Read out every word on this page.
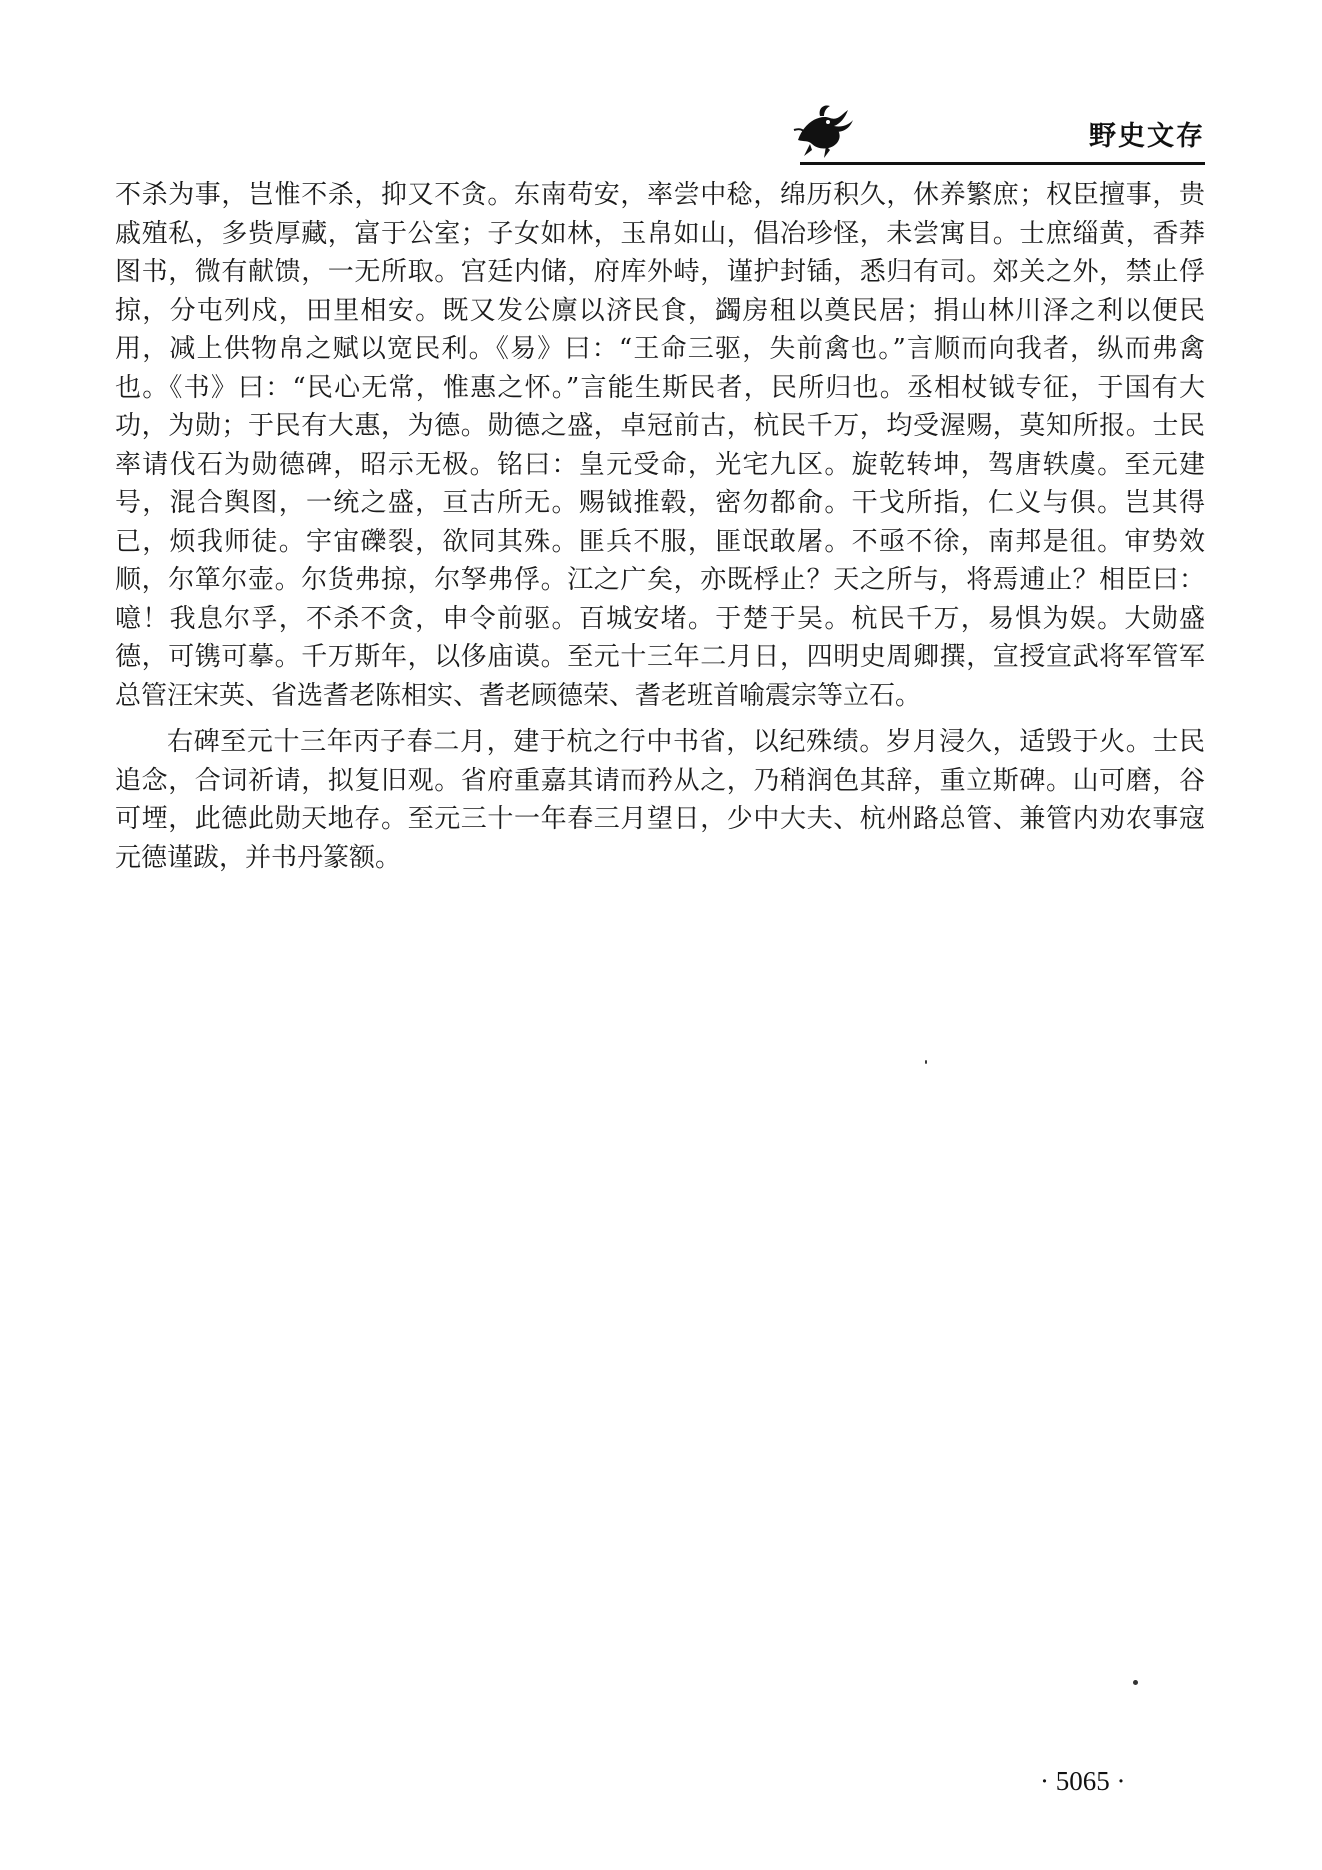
野史文存

不杀为事，岂惟不杀，抑又不贪。东南苟安，率尝中稔，绵历积久，休养繁庶；权臣擅事，贵戚殖私，多赀厚藏，富于公室；子女如林，玉帛如山，倡冶珍怪，未尝寓目。士庶缁黄，香莽图书，微有献馈，一无所取。宫廷内储，府库外峙，谨护封锸，悉归有司。郊关之外，禁止俘掠，分屯列戍，田里相安。既又发公廪以济民食，蠲房租以奠民居；捐山林川泽之利以便民用，减上供物帛之赋以宽民利。《易》曰：“王命三驱，失前禽也。”言顺而向我者，纵而弗禽也。《书》曰：“民心无常，惟惠之怀。”言能生斯民者，民所归也。丞相杖钺专征，于国有大功，为勋；于民有大惠，为德。勋德之盛，卓冠前古，杭民千万，均受渥赐，莫知所报。士民率请伐石为勋德碑，昭示无极。铭曰：皇元受命，光宅九区。旋乾转坤，驾唐轶虞。至元建号，混合舆图，一统之盛，亘古所无。赐钺推毂，密勿都俞。干戈所指，仁义与俱。岂其得已，烦我师徒。宇宙礫裂，欲同其殊。匪兵不服，匪氓敢屠。不亟不徐，南邦是徂。审势效顺，尔箪尔壶。尔货弗掠，尔孥弗俘。江之广矣，亦既桴止？天之所与，将焉逋止？相臣曰：噫！我息尔孚，不杀不贪，申令前驱。百城安堵。于楚于吴。杭民千万，易惧为娱。大勋盛德，可镌可摹。千万斯年，以侈庙谟。至元十三年二月日，四明史周卿撰，宣授宣武将军管军总管汪宋英、省选耆老陈相实、耆老顾德荣、耆老班首喻震宗等立石。

右碑至元十三年丙子春二月，建于杭之行中书省，以纪殊绩。岁月浸久，适毁于火。士民追念，合词祈请，拟复旧观。省府重嘉其请而矜从之，乃稍润色其辞，重立斯碑。山可磨，谷可堙，此德此勋天地存。至元三十一年春三月望日，少中大夫、杭州路总管、兼管内劝农事寇元德谨跋，并书丹篆额。

· 5065 ·
